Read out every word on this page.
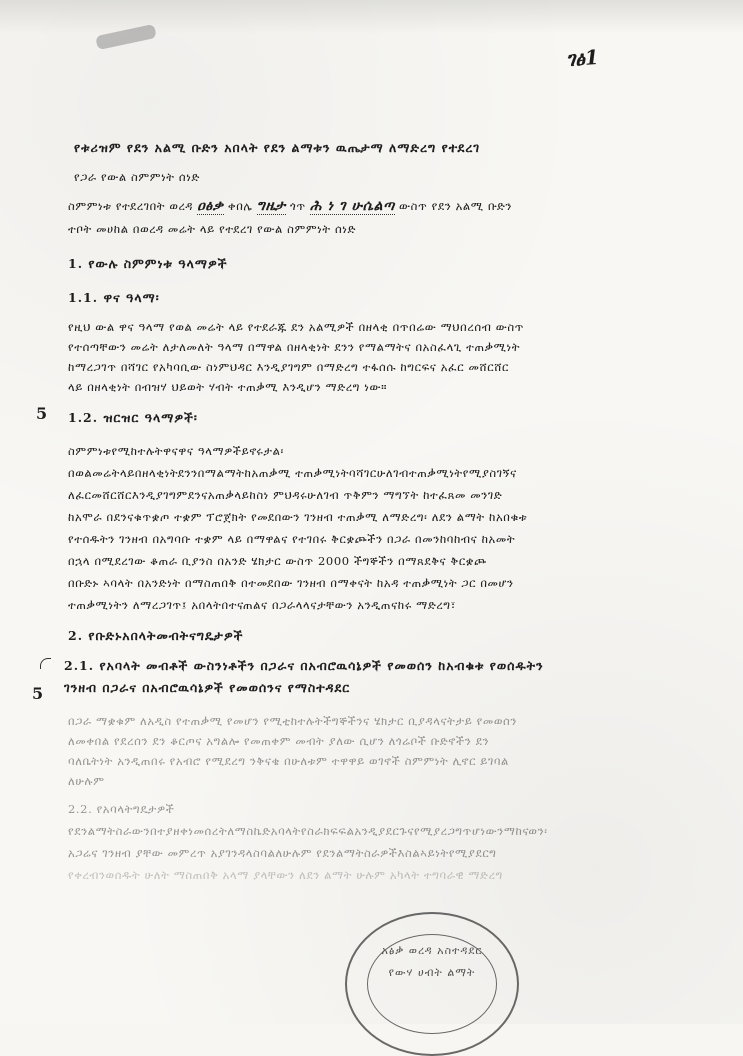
ገፅ1
የቱሪዝም የደን አልሚ ቡድን አበላት የደን ልማቱን ዉጤታማ ለማድረግ የተደረገ
የጋራ የውል ስምምነት ሰነድ
ስምምነቱ የተደረገበት ወረዳ ዐፅቃ ቀበሌ ግዜታ ጎጥ ሕ ነ ገ ሁሴልጣ ውስጥ የደን አልሚ ቡድን
ተቦት መሀከል በወረዳ መሬት ላይ የተደረገ የውል ስምምነት ሰነድ
1. የውሉ ስምምነቱ ዓላማዎች
1.1. ዋና ዓላማ፡
የዚህ ውል ዋና ዓላማ የወል መሬት ላይ የተደራጁ ደን አልሚዎች በዘላቂ በጥበሬው ማህበረሰብ ውስጥ
የተሰጣቸውን መሬት ለታለመለት ዓላማ በማዋል በዘላቂነት ደንን የማልማትና በአስፈላጊ ተጠቃሚነት
ከማረጋገጥ በሻገር የአካባቢው ስነምህዳር እንዲያገግም በማድረግ ተፋሰሱ ከግርፍና አፈር መሸርሸር
ላይ በዘላቂነት በብዝሃ ህይወት ሃብት ተጠቃሚ እንዲሆን ማድረግ ነው።
5 1.2. ዝርዝር ዓላማዎች፡
ስምምነቱየሚከተሉትዋናዋና ዓላማዎችይኖሩታል፡
በወልመሬትላይበዘላቂነትደንንበማልማትከአጠቃሚ ተጠቃሚነትባሻገርሁለገብተጠቃሚነትየሚያስገኝና
ለፈርመሸርሸርእንዲያገግምደንናአጠቃላይከስነ ምህዳሩሁለገብ ጥቅምን ማግኘት ከተፈጸመ መንገድ
ከአሞራ በደንናቁጥቋጦ ተቋም ፕሮጀክት የመደበውን ገንዘብ ተጠቃሚ ለማድረግ፡ ለደን ልማት ከአበቁቱ
የተሰዱትን ገንዘብ በአግባቡ ተቋም ላይ በማዋልና የተገበሩ ቅርቋጮችን በጋራ በመንከባከብና ከአመት
በኋላ በሚደረገው ቆጠራ ቢያንስ በአንድ ሄክታር ውስጥ 2000 ችግኞችን በማጸደቅና ቅርቋጮ
በቡድኑ ኣባላት በአንድነት በማስጠበቅ በተመደበው ገንዘብ በማቀናት ከአዳ ተጠቃሚነት ጋር በመሆን
ተጠቃሚነትን ለማረጋገጥ፤ አበላትበተናጠልና በጋራላላናታቸውን አንዲጠናከሩ ማድረግ፣
2. የቡድኑአበላትመብትናግዴታዎች
2.1. የአባላት መብቶች ውስንነቶችን በጋራና በአብሮዉሳኔዎች የመወሰን ከአብቁቱ የወሰዱትን
ገንዘብ በጋራና በአብሮዉሳኔዎች የመወሰንና የማስተዳደር
5
በጋራ ማቋቁም ለአዲስ የተጠቃሚ የመሆን የሚቲከተሉትችግኞችንና ሄክታር ቢያዳላናትታይ የመወሰን
ለመቀበል የደረሰን ደን ቆርጦና አግልሎ የመጠቀም መብት ያለው ሲሆን ለጎሬቦች ቡድኖችን ደን
ባለቤትነት አንዲጠበሩ የአብሮ የሚደረግ ንቅናቄ በሁለቱም ተዋዋይ ወገኖች ስምምነት ሊኖር ይገባል
ለሁሉም
2.2. የአባላትግዴታዎች
የደንልማትስራውንበተያዘቀነመሰረትለማስኬድአባላትየስራክፍፍልአንዲያደርጉናየሚያረጋግጥሆነውንማከናወን፡
አጋሬና ገንዘብ ያቸው መምረጥ አያገንዳላስባልለሁሉም የደንልማትስራዎችእስልኣይነትየሚያደርግ
የቀረብንወሰዱት ሁለት ማስጠበቅ አላማ ያላቸውን ለደን ልማት ሁሉም አካላት ተግባራዊ ማድረግ
አፅቃ ወረዳ አስተዳደር
የውሃ ሀብት ልማት
